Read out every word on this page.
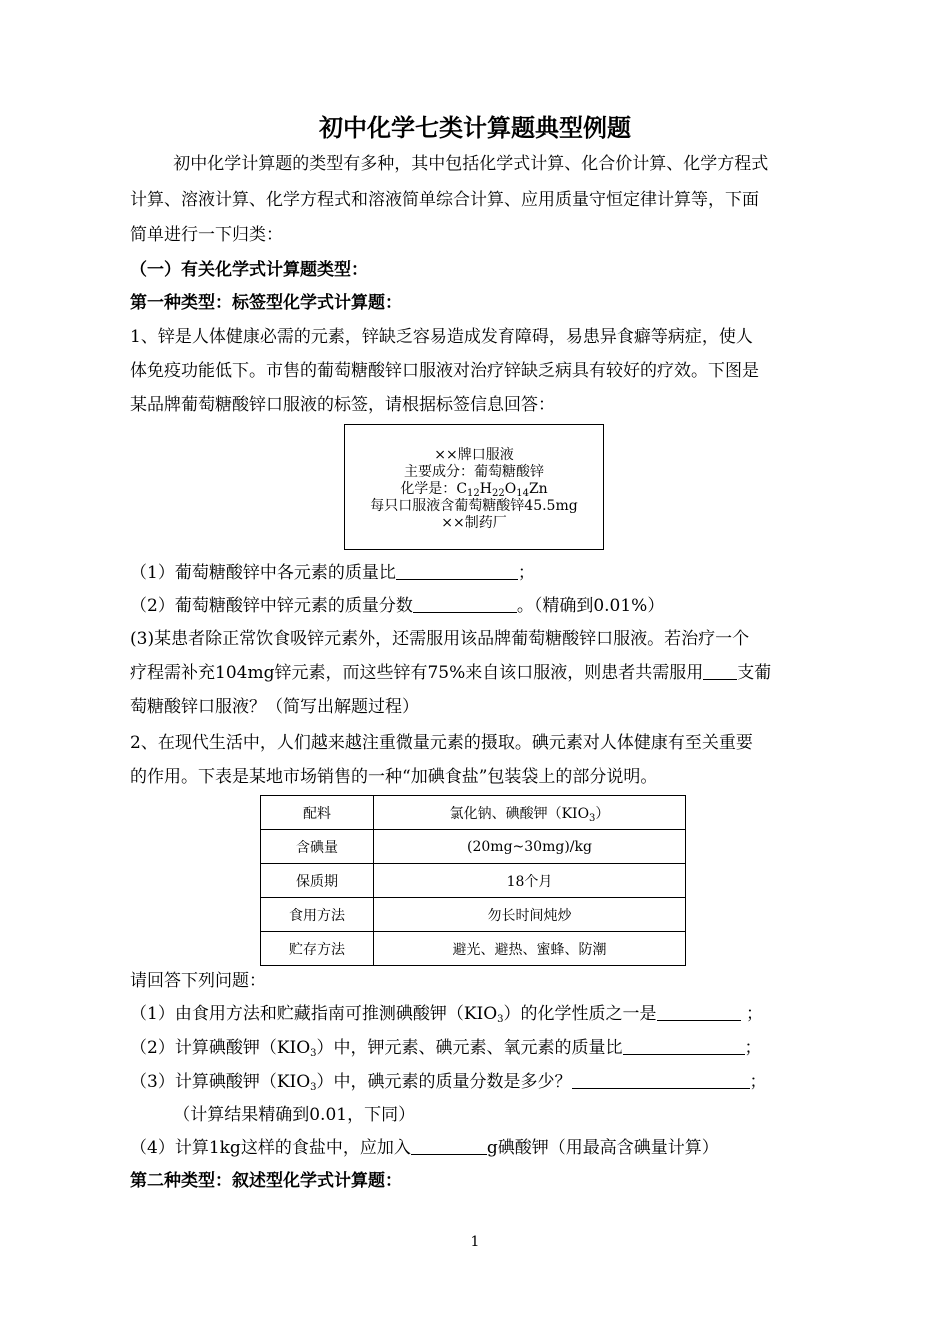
初中化学七类计算题典型例题
初中化学计算题的类型有多种，其中包括化学式计算、化合价计算、化学方程式
计算、溶液计算、化学方程式和溶液简单综合计算、应用质量守恒定律计算等，下面
简单进行一下归类：
（一）有关化学式计算题类型：
第一种类型：标签型化学式计算题：
1、锌是人体健康必需的元素，锌缺乏容易造成发育障碍，易患异食癖等病症，使人
体免疫功能低下。市售的葡萄糖酸锌口服液对治疗锌缺乏病具有较好的疗效。下图是
某品牌葡萄糖酸锌口服液的标签，请根据标签信息回答：
××牌口服液
主要成分：葡萄糖酸锌
化学是：$C_{12}H_{22}O_{14}Zn$
每只口服液含葡萄糖酸锌45.5mg
××制药厂
（1）葡萄糖酸锌中各元素的质量比	；
（2）葡萄糖酸锌中锌元素的质量分数	。（精确到0.01%）
(3)某患者除正常饮食吸锌元素外，还需服用该品牌葡萄糖酸锌口服液。若治疗一个
疗程需补充104mg锌元素，而这些锌有75%来自该口服液，则患者共需服用 支葡
萄糖酸锌口服液？（简写出解题过程）
2、在现代生活中，人们越来越注重微量元素的摄取。碘元素对人体健康有至关重要
的作用。下表是某地市场销售的一种“加碘食盐”包装袋上的部分说明。
配料	氯化钠、碘酸钾$(KIO_3)$
含碘量	(20mg~30mg)/kg
保质期	18个月
食用方法	勿长时间炖炒
贮存方法	避光、避热、蜜蜂、防潮
请回答下列问题：
（1）由食用方法和贮藏指南可推测碘酸钾$(KIO_3)$的化学性质之一是	；
（2）计算碘酸钾$(KIO_3)$中，钾元素、碘元素、氧元素的质量比	；
（3）计算碘酸钾$(KIO_3)$中，碘元素的质量分数是多少？	；
（计算结果精确到0.01，下同）
（4）计算1kg这样的食盐中，应加入	g碘酸钾（用最高含碘量计算）
第二种类型：叙述型化学式计算题：
1
